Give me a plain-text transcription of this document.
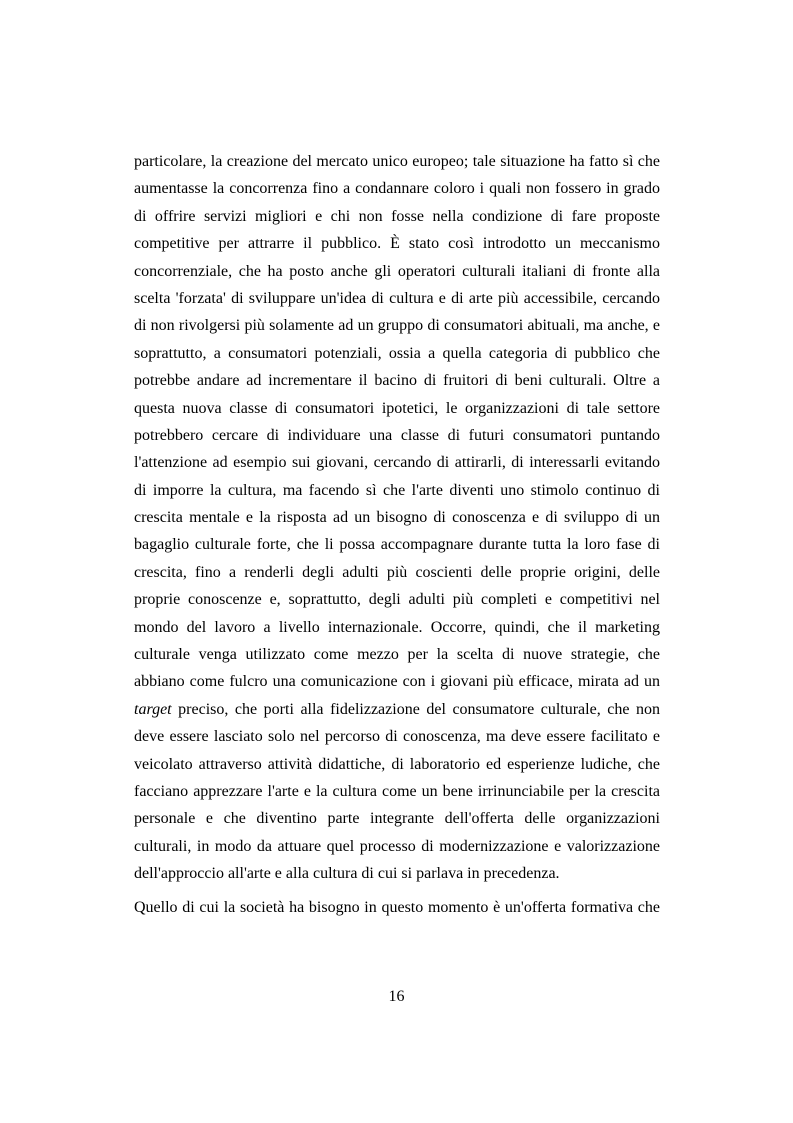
particolare, la creazione del mercato unico europeo; tale situazione ha fatto sì che
aumentasse la concorrenza fino a condannare coloro i quali non fossero in grado
di offrire servizi migliori e chi non fosse nella condizione di fare proposte
competitive per attrarre il pubblico. È stato così introdotto un meccanismo
concorrenziale, che ha posto anche gli operatori culturali italiani di fronte alla
scelta 'forzata' di sviluppare un'idea di cultura e di arte più accessibile, cercando
di non rivolgersi più solamente ad un gruppo di consumatori abituali, ma anche, e
soprattutto, a consumatori potenziali, ossia a quella categoria di pubblico che
potrebbe andare ad incrementare il bacino di fruitori di beni culturali. Oltre a
questa nuova classe di consumatori ipotetici, le organizzazioni di tale settore
potrebbero cercare di individuare una classe di futuri consumatori puntando
l'attenzione ad esempio sui giovani, cercando di attirarli, di interessarli evitando
di imporre la cultura, ma facendo sì che l'arte diventi uno stimolo continuo di
crescita mentale e la risposta ad un bisogno di conoscenza e di sviluppo di un
bagaglio culturale forte, che li possa accompagnare durante tutta la loro fase di
crescita, fino a renderli degli adulti più coscienti delle proprie origini, delle
proprie conoscenze e, soprattutto, degli adulti più completi e competitivi nel
mondo del lavoro a livello internazionale. Occorre, quindi, che il marketing
culturale venga utilizzato come mezzo per la scelta di nuove strategie, che
abbiano come fulcro una comunicazione con i giovani più efficace, mirata ad un
target preciso, che porti alla fidelizzazione del consumatore culturale, che non
deve essere lasciato solo nel percorso di conoscenza, ma deve essere facilitato e
veicolato attraverso attività didattiche, di laboratorio ed esperienze ludiche, che
facciano apprezzare l'arte e la cultura come un bene irrinunciabile per la crescita
personale e che diventino parte integrante dell'offerta delle organizzazioni
culturali, in modo da attuare quel processo di modernizzazione e valorizzazione
dell'approccio all'arte e alla cultura di cui si parlava in precedenza.
Quello di cui la società ha bisogno in questo momento è un'offerta formativa che
16
